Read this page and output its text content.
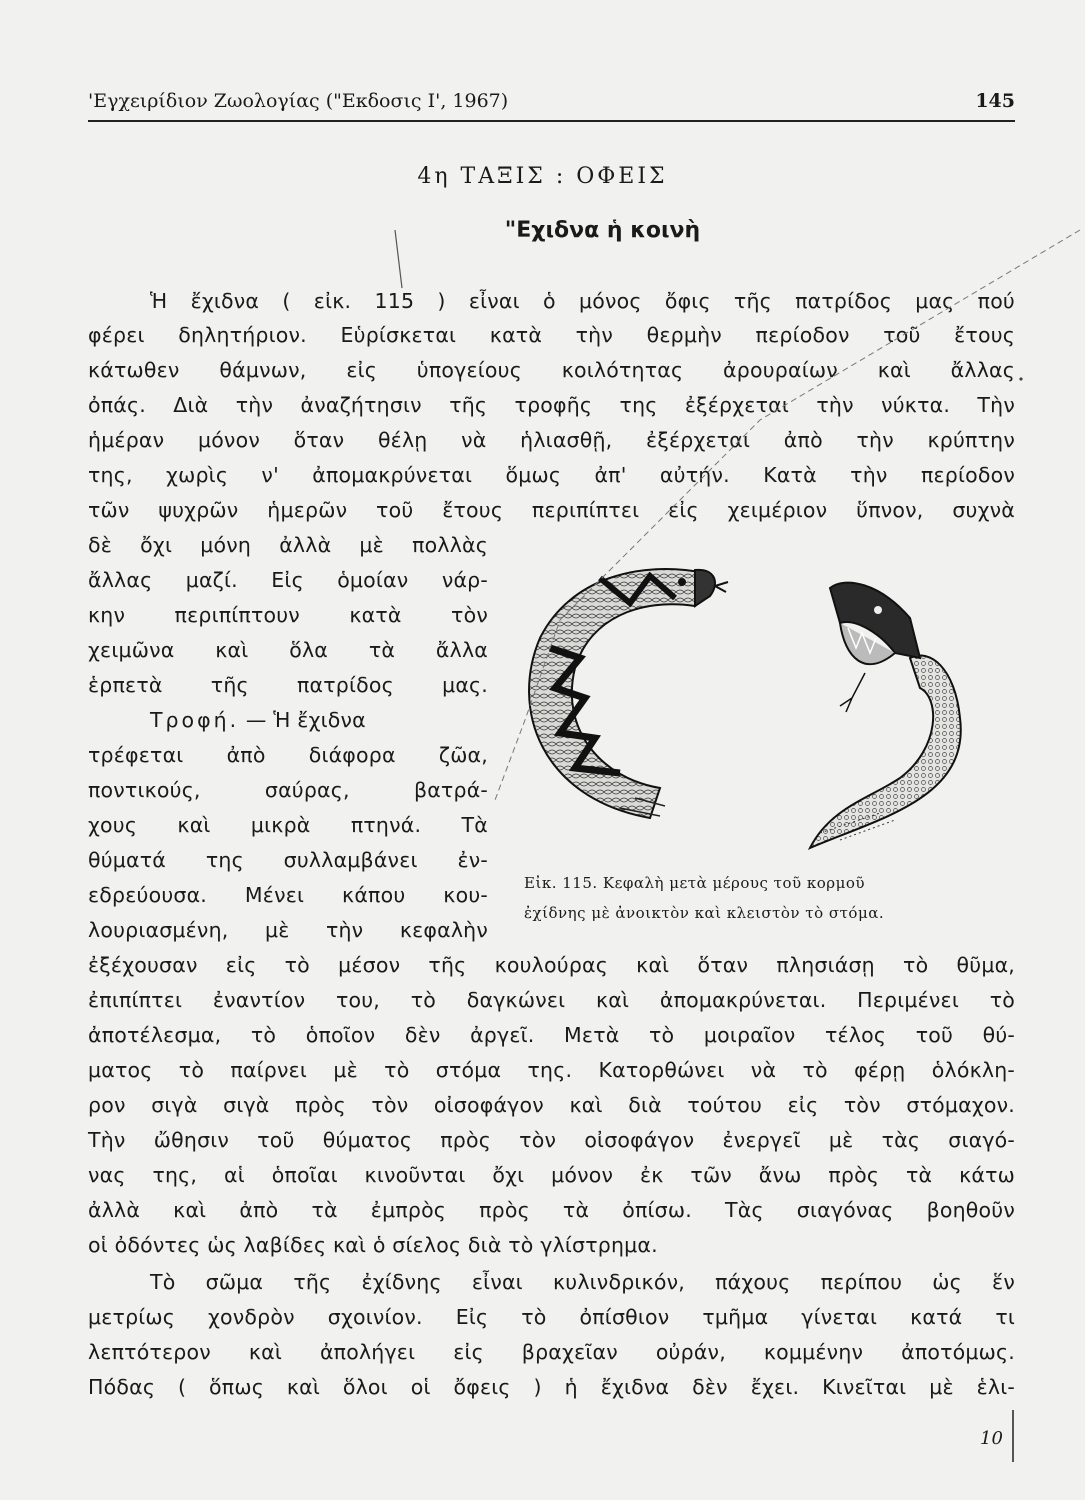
'Εγχειρίδιον Ζωολογίας ("Εκδοσις Ι', 1967)	145
4η ΤΑΞΙΣ : ΟΦΕΙΣ
"Εχιδνα ἡ κοινὴ
Ἡ ἔχιδνα ( εἰκ. 115 ) εἶναι ὁ μόνος ὄφις τῆς πατρίδος μας πού
φέρει δηλητήριον. Εὑρίσκεται κατὰ τὴν θερμὴν περίοδον τοῦ ἔτους
κάτωθεν θάμνων, εἰς ὑπογείους κοιλότητας ἀρουραίων καὶ ἄλλας
ὀπάς. Διὰ τὴν ἀναζήτησιν τῆς τροφῆς της ἐξέρχεται τὴν νύκτα. Τὴν
ἡμέραν μόνον ὅταν θέλῃ νὰ ἡλιασθῇ, ἐξέρχεται ἀπὸ τὴν κρύπτην
της, χωρὶς ν' ἀπομακρύνεται ὅμως ἀπ' αὐτήν. Κατὰ τὴν περίοδον
τῶν ψυχρῶν ἡμερῶν τοῦ ἔτους περιπίπτει εἰς χειμέριον ὕπνον, συχνὰ
δὲ ὄχι μόνη ἀλλὰ μὲ πολλὰς
ἄλλας μαζί. Εἰς ὁμοίαν νάρ-
κην περιπίπτουν κατὰ τὸν
χειμῶνα καὶ ὅλα τὰ ἄλλα
ἑρπετὰ τῆς πατρίδος μας.
Τροφή. — Ἡ ἔχιδνα
τρέφεται ἀπὸ διάφορα ζῶα,
ποντικούς, σαύρας, βατρά-
χους καὶ μικρὰ πτηνά. Τὰ
θύματά της συλλαμβάνει ἐν-
εδρεύουσα. Μένει κάπου κου-
λουριασμένη, μὲ τὴν κεφαλὴν
ἐξέχουσαν εἰς τὸ μέσον τῆς κουλούρας καὶ ὅταν πλησιάσῃ τὸ θῦμα,
ἐπιπίπτει ἐναντίον του, τὸ δαγκώνει καὶ ἀπομακρύνεται. Περιμένει τὸ
ἀποτέλεσμα, τὸ ὁποῖον δὲν ἀργεῖ. Μετὰ τὸ μοιραῖον τέλος τοῦ θύ-
ματος τὸ παίρνει μὲ τὸ στόμα της. Κατορθώνει νὰ τὸ φέρῃ ὁλόκλη-
ρον σιγὰ σιγὰ πρὸς τὸν οἰσοφάγον καὶ διὰ τούτου εἰς τὸν στόμαχον.
Τὴν ὤθησιν τοῦ θύματος πρὸς τὸν οἰσοφάγον ἐνεργεῖ μὲ τὰς σιαγό-
νας της, αἱ ὁποῖαι κινοῦνται ὄχι μόνον ἐκ τῶν ἄνω πρὸς τὰ κάτω
ἀλλὰ καὶ ἀπὸ τὰ ἐμπρὸς πρὸς τὰ ὀπίσω. Τὰς σιαγόνας βοηθοῦν
οἱ ὀδόντες ὡς λαβίδες καὶ ὁ σίελος διὰ τὸ γλίστρημα.
Τὸ σῶμα τῆς ἐχίδνης εἶναι κυλινδρικόν, πάχους περίπου ὡς ἕν
μετρίως χονδρὸν σχοινίον. Εἰς τὸ ὀπίσθιον τμῆμα γίνεται κατά τι
λεπτότερον καὶ ἀπολήγει εἰς βραχεῖαν οὐράν, κομμένην ἀποτόμως.
Πόδας ( ὅπως καὶ ὅλοι οἱ ὄφεις ) ἡ ἔχιδνα δὲν ἔχει. Κινεῖται μὲ ἑλι-
Εἰκ. 115. Κεφαλὴ μετὰ μέρους τοῦ κορμοῦ
ἐχίδνης μὲ ἀνοικτὸν καὶ κλειστὸν τὸ στόμα.
10
